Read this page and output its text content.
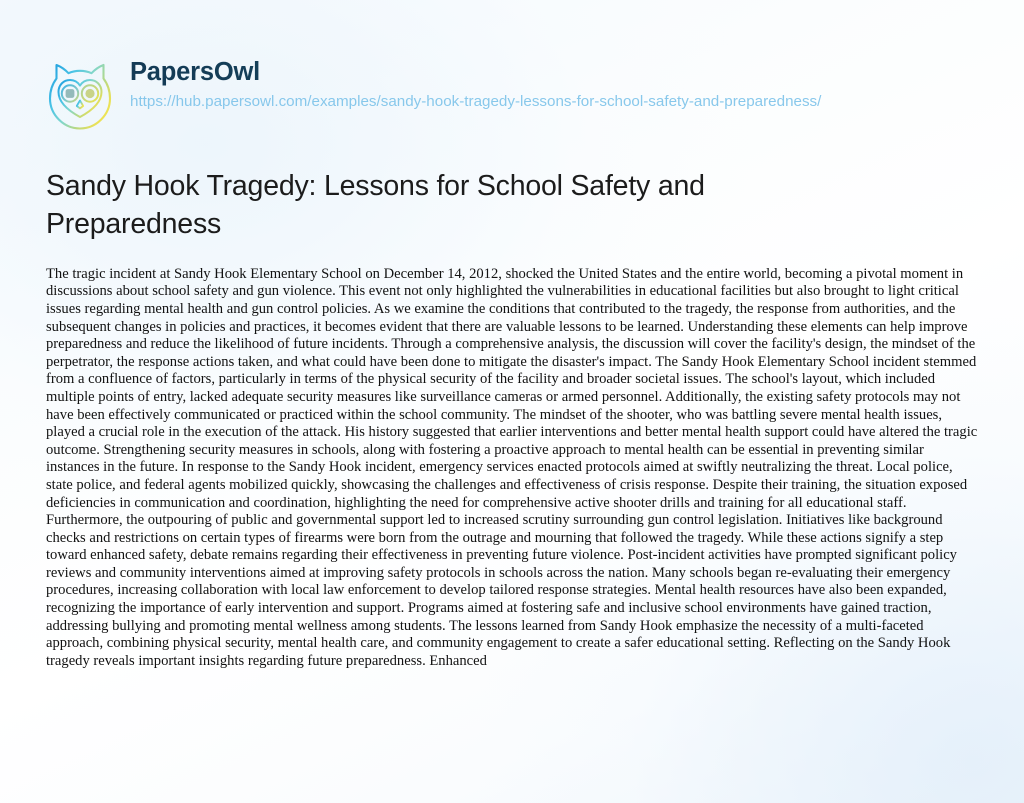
PapersOwl
https://hub.papersowl.com/examples/sandy-hook-tragedy-lessons-for-school-safety-and-preparedness/
Sandy Hook Tragedy: Lessons for School Safety and Preparedness

The tragic incident at Sandy Hook Elementary School on December 14, 2012, shocked the United States and the entire world, becoming a pivotal moment in discussions about school safety and gun violence. This event not only highlighted the vulnerabilities in educational facilities but also brought to light critical issues regarding mental health and gun control policies. As we examine the conditions that contributed to the tragedy, the response from authorities, and the subsequent changes in policies and practices, it becomes evident that there are valuable lessons to be learned. Understanding these elements can help improve preparedness and reduce the likelihood of future incidents. Through a comprehensive analysis, the discussion will cover the facility's design, the mindset of the perpetrator, the response actions taken, and what could have been done to mitigate the disaster's impact. The Sandy Hook Elementary School incident stemmed from a confluence of factors, particularly in terms of the physical security of the facility and broader societal issues. The school's layout, which included multiple points of entry, lacked adequate security measures like surveillance cameras or armed personnel. Additionally, the existing safety protocols may not have been effectively communicated or practiced within the school community. The mindset of the shooter, who was battling severe mental health issues, played a crucial role in the execution of the attack. His history suggested that earlier interventions and better mental health support could have altered the tragic outcome. Strengthening security measures in schools, along with fostering a proactive approach to mental health can be essential in preventing similar instances in the future. In response to the Sandy Hook incident, emergency services enacted protocols aimed at swiftly neutralizing the threat. Local police, state police, and federal agents mobilized quickly, showcasing the challenges and effectiveness of crisis response. Despite their training, the situation exposed deficiencies in communication and coordination, highlighting the need for comprehensive active shooter drills and training for all educational staff. Furthermore, the outpouring of public and governmental support led to increased scrutiny surrounding gun control legislation. Initiatives like background checks and restrictions on certain types of firearms were born from the outrage and mourning that followed the tragedy. While these actions signify a step toward enhanced safety, debate remains regarding their effectiveness in preventing future violence. Post-incident activities have prompted significant policy reviews and community interventions aimed at improving safety protocols in schools across the nation. Many schools began re-evaluating their emergency procedures, increasing collaboration with local law enforcement to develop tailored response strategies. Mental health resources have also been expanded, recognizing the importance of early intervention and support. Programs aimed at fostering safe and inclusive school environments have gained traction, addressing bullying and promoting mental wellness among students. The lessons learned from Sandy Hook emphasize the necessity of a multi-faceted approach, combining physical security, mental health care, and community engagement to create a safer educational setting. Reflecting on the Sandy Hook tragedy reveals important insights regarding future preparedness. Enhanced
